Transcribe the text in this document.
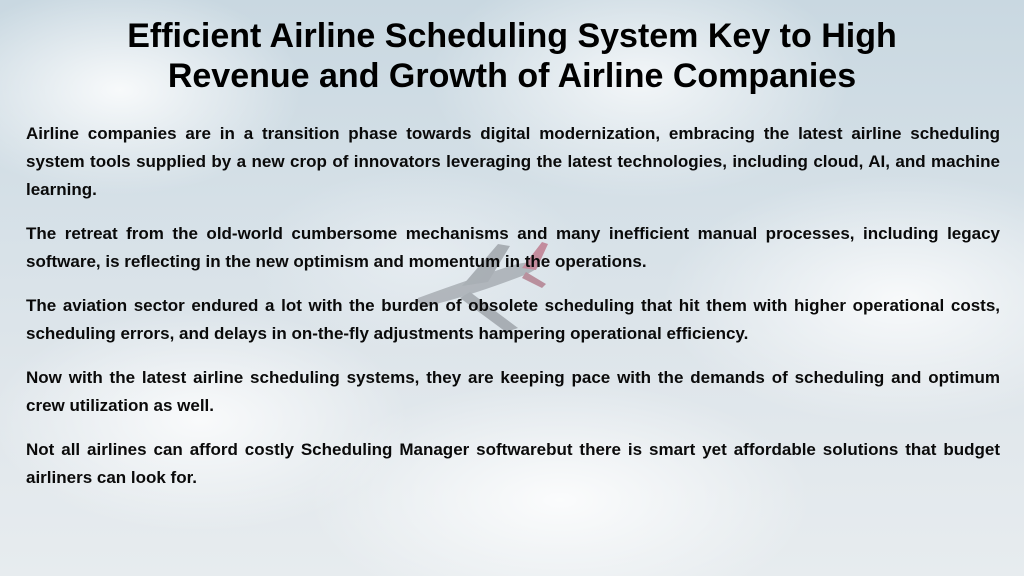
Efficient Airline Scheduling System Key to High
Revenue and Growth of Airline Companies

Airline companies are in a transition phase towards digital modernization, embracing the latest airline scheduling system tools supplied by a new crop of innovators leveraging the latest technologies, including cloud, AI, and machine learning.

The retreat from the old-world cumbersome mechanisms and many inefficient manual processes, including legacy software, is reflecting in the new optimism and momentum in the operations.

The aviation sector endured a lot with the burden of obsolete scheduling that hit them with higher operational costs, scheduling errors, and delays in on-the-fly adjustments hampering operational efficiency.

Now with the latest airline scheduling systems, they are keeping pace with the demands of scheduling and optimum crew utilization as well.

Not all airlines can afford costly Scheduling Manager softwarebut there is smart yet affordable solutions that budget airliners can look for.
